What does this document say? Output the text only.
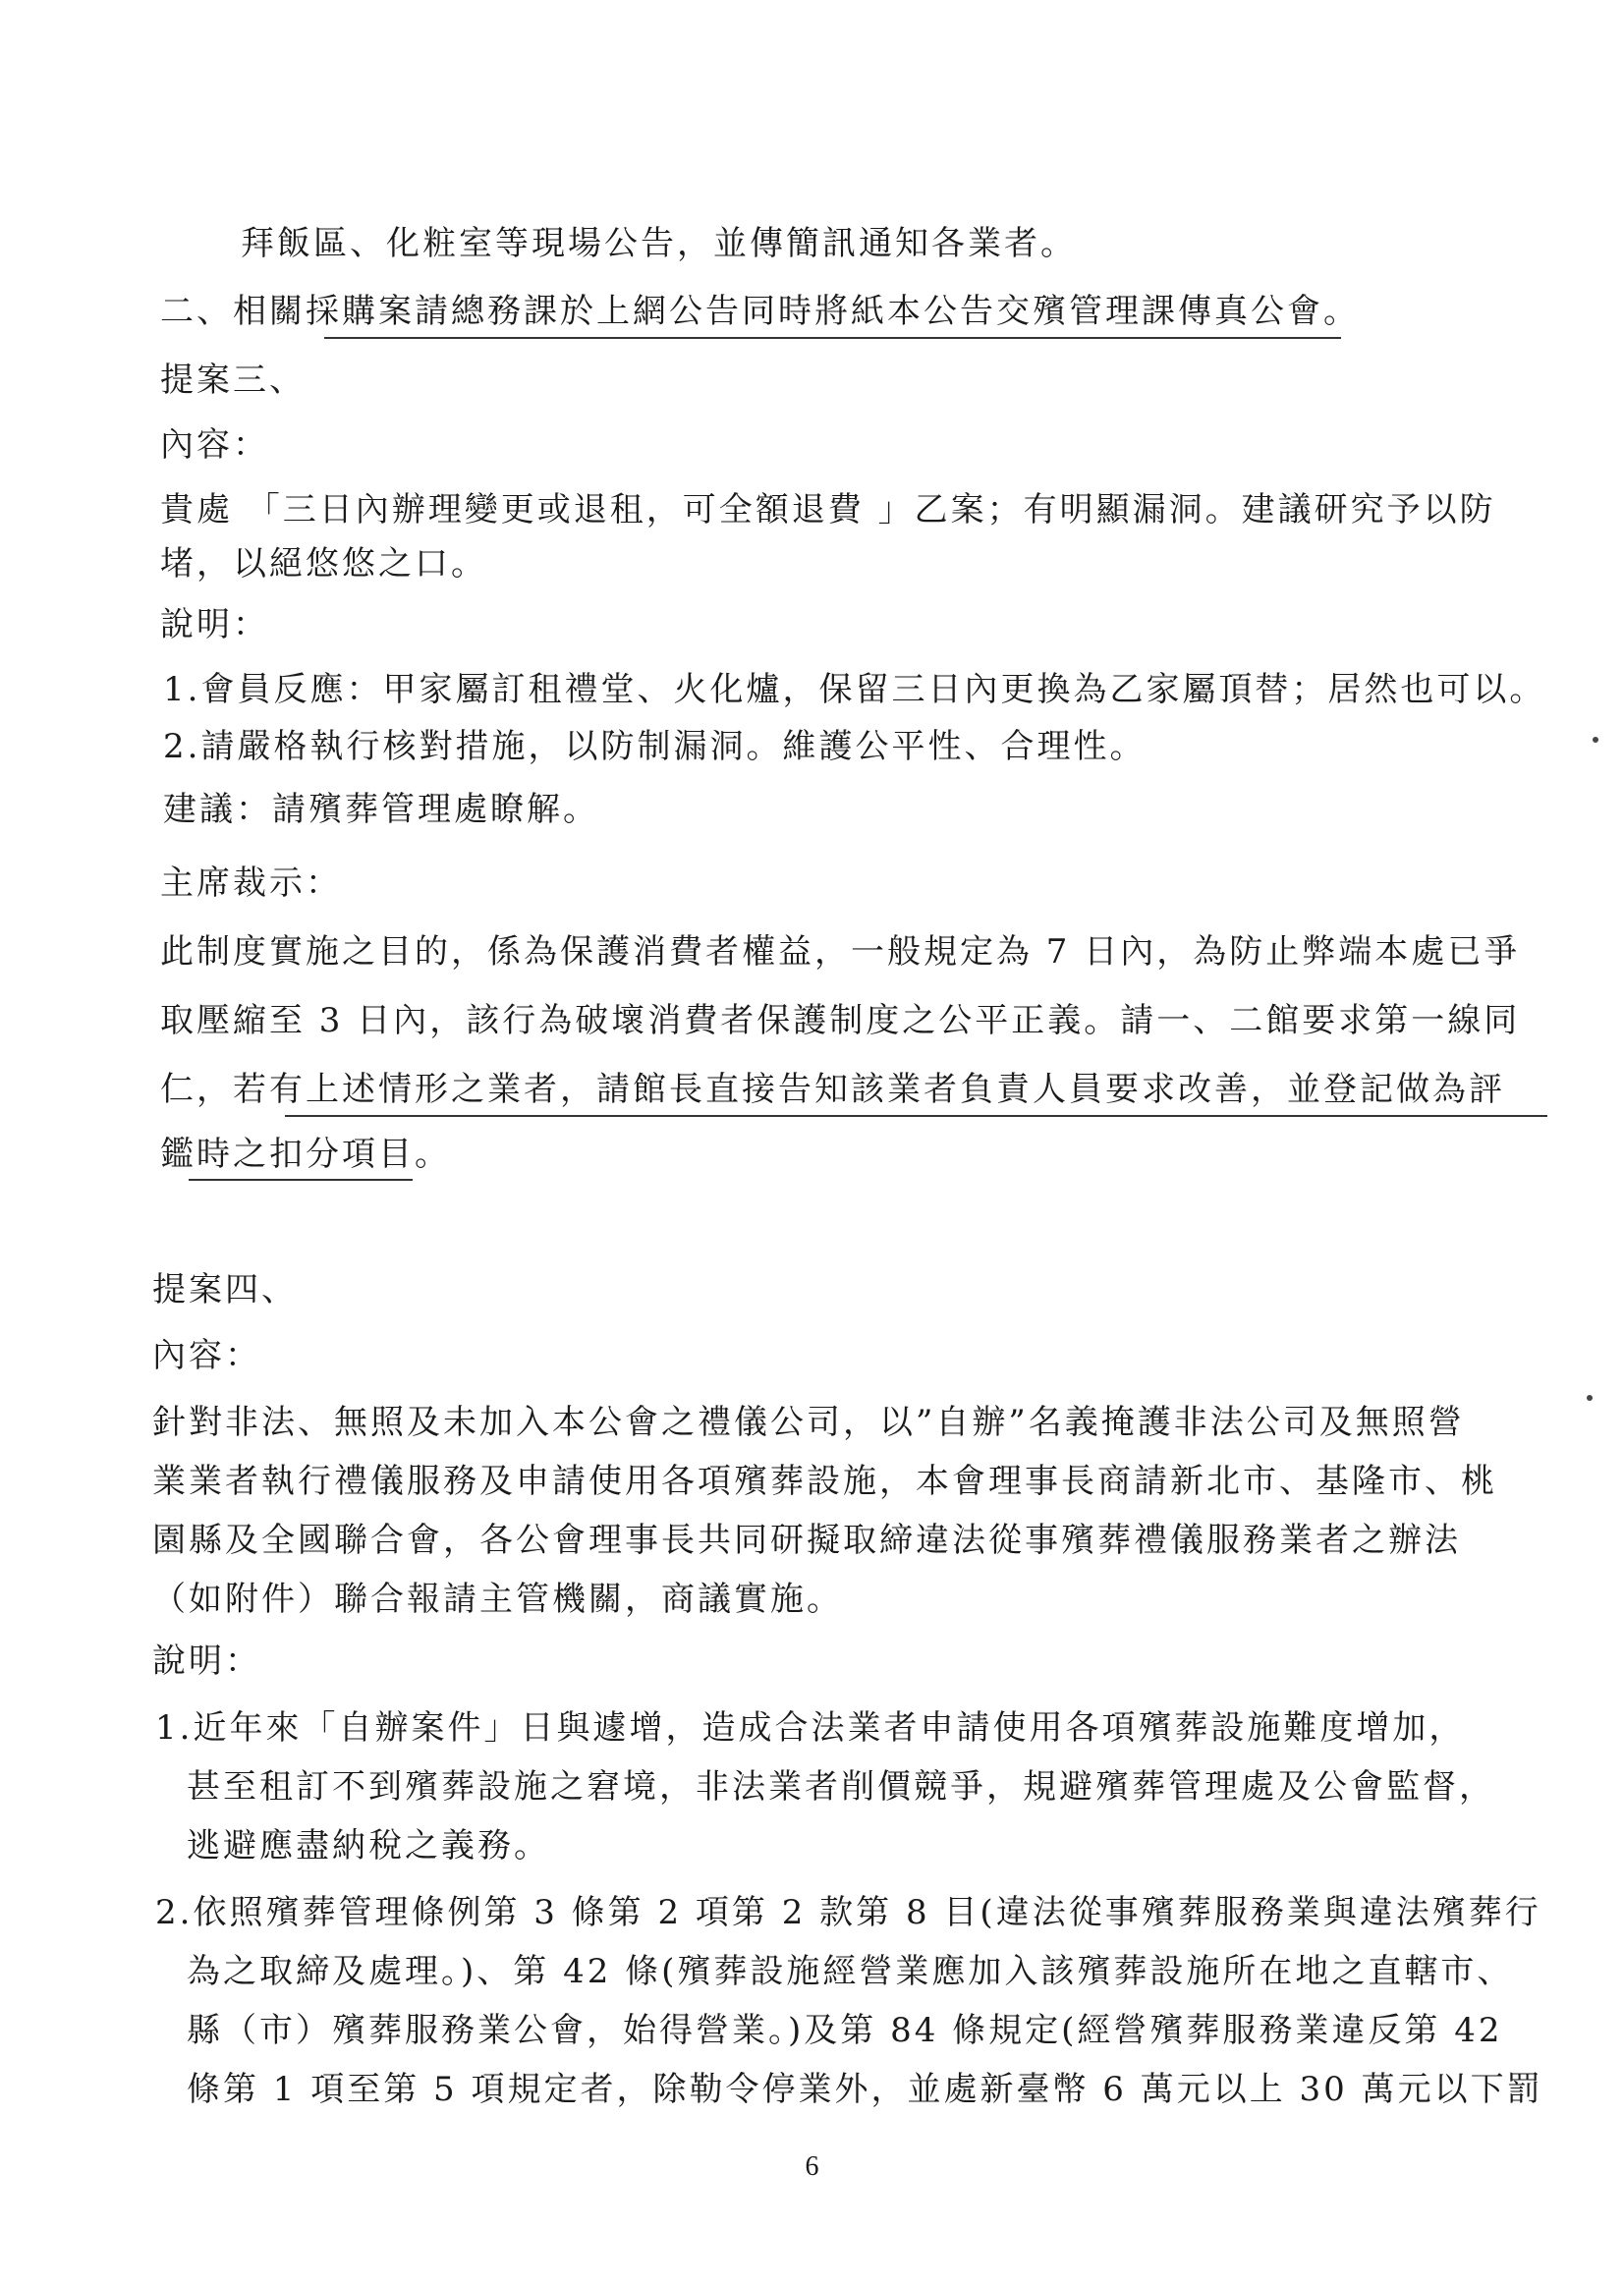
拜飯區、化粧室等現場公告，並傳簡訊通知各業者。
二、相關採購案請總務課於上網公告同時將紙本公告交殯管理課傳真公會。
提案三、
內容：
貴處 「三日內辦理變更或退租，可全額退費 」乙案；有明顯漏洞。建議研究予以防
堵，以絕悠悠之口。
說明：
1.會員反應：甲家屬訂租禮堂、火化爐，保留三日內更換為乙家屬頂替；居然也可以。
2.請嚴格執行核對措施，以防制漏洞。維護公平性、合理性。
建議：請殯葬管理處瞭解。
主席裁示：
此制度實施之目的，係為保護消費者權益，一般規定為 7 日內，為防止弊端本處已爭
取壓縮至 3 日內，該行為破壞消費者保護制度之公平正義。請一、二館要求第一線同
仁，若有上述情形之業者，請館長直接告知該業者負責人員要求改善，並登記做為評
鑑時之扣分項目。
提案四、
內容：
針對非法、無照及未加入本公會之禮儀公司，以”自辦”名義掩護非法公司及無照營
業業者執行禮儀服務及申請使用各項殯葬設施，本會理事長商請新北市、基隆市、桃
園縣及全國聯合會，各公會理事長共同研擬取締違法從事殯葬禮儀服務業者之辦法
（如附件）聯合報請主管機關，商議實施。
說明：
1.近年來「自辦案件」日與遽增，造成合法業者申請使用各項殯葬設施難度增加，
甚至租訂不到殯葬設施之窘境，非法業者削價競爭，規避殯葬管理處及公會監督，
逃避應盡納稅之義務。
2.依照殯葬管理條例第 3 條第 2 項第 2 款第 8 目(違法從事殯葬服務業與違法殯葬行
為之取締及處理。)、第 42 條(殯葬設施經營業應加入該殯葬設施所在地之直轄市、
縣（市）殯葬服務業公會，始得營業。)及第 84 條規定(經營殯葬服務業違反第 42
條第 1 項至第 5 項規定者，除勒令停業外，並處新臺幣 6 萬元以上 30 萬元以下罰
6
